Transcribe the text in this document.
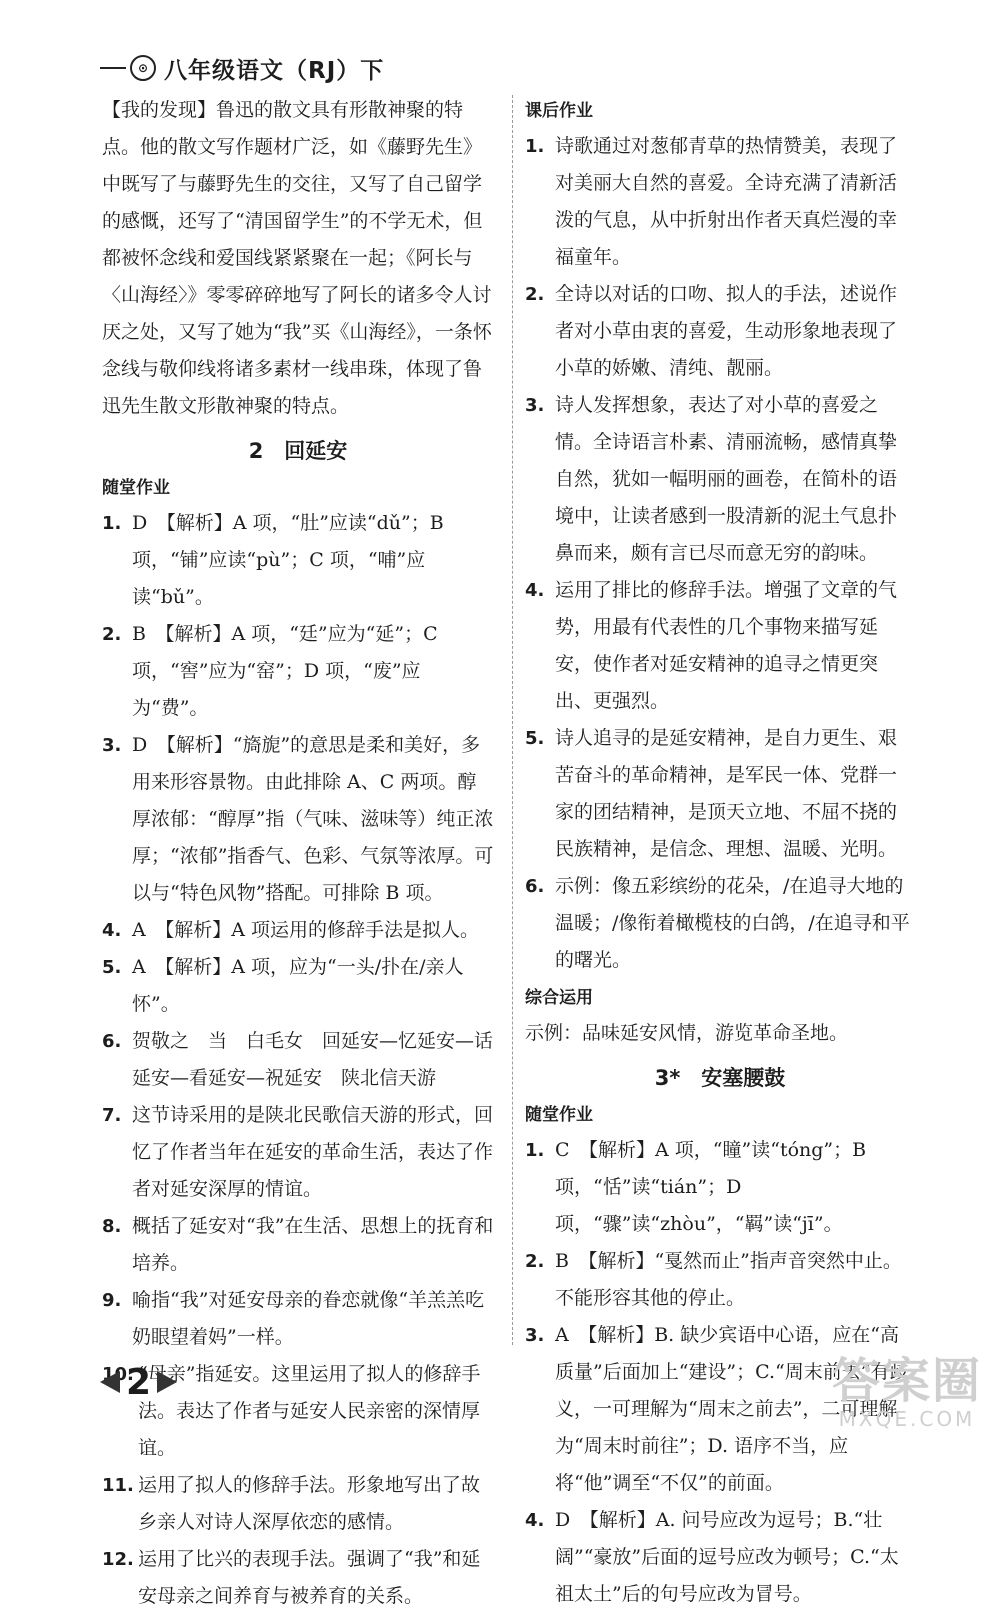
⊙ 八年级语文（RJ）下

【我的发现】鲁迅的散文具有形散神聚的特点。他的散文写作题材广泛，如《藤野先生》中既写了与藤野先生的交往，又写了自己留学的感慨，还写了“清国留学生”的不学无术，但都被怀念线和爱国线紧紧聚在一起；《阿长与〈山海经〉》零零碎碎地写了阿长的诸多令人讨厌之处，又写了她为“我”买《山海经》，一条怀念线与敬仰线将诸多素材一线串珠，体现了鲁迅先生散文形散神聚的特点。

2　回延安
随堂作业
1. D　【解析】A 项，“肚”应读“dǔ”；B 项，“铺”应读“pù”；C 项，“哺”应读“bǔ”。
2. B　【解析】A 项，“廷”应为“延”；C 项，“窖”应为“窑”；D 项，“废”应为“费”。
3. D　【解析】“旖旎”的意思是柔和美好，多用来形容景物。由此排除 A、C 两项。醇厚浓郁：“醇厚”指（气味、滋味等）纯正浓厚；“浓郁”指香气、色彩、气氛等浓厚。可以与“特色风物”搭配。可排除 B 项。
4. A　【解析】A 项运用的修辞手法是拟人。
5. A　【解析】A 项，应为“一头/扑在/亲人怀”。
6. 贺敬之　当　白毛女　回延安—忆延安—话延安—看延安—祝延安　陕北信天游
7. 这节诗采用的是陕北民歌信天游的形式，回忆了作者当年在延安的革命生活，表达了作者对延安深厚的情谊。
8. 概括了延安对“我”在生活、思想上的抚育和培养。
9. 喻指“我”对延安母亲的眷恋就像“羊羔羔吃奶眼望着妈”一样。
10. “母亲”指延安。这里运用了拟人的修辞手法。表达了作者与延安人民亲密的深情厚谊。
11. 运用了拟人的修辞手法。形象地写出了故乡亲人对诗人深厚依恋的感情。
12. 运用了比兴的表现手法。强调了“我”和延安母亲之间养育与被养育的关系。
课后作业
1. 诗歌通过对葱郁青草的热情赞美，表现了对美丽大自然的喜爱。全诗充满了清新活泼的气息，从中折射出作者天真烂漫的幸福童年。
2. 全诗以对话的口吻、拟人的手法，述说作者对小草由衷的喜爱，生动形象地表现了小草的娇嫩、清纯、靓丽。
3. 诗人发挥想象，表达了对小草的喜爱之情。全诗语言朴素、清丽流畅，感情真挚自然，犹如一幅明丽的画卷，在简朴的语境中，让读者感到一股清新的泥土气息扑鼻而来，颇有言已尽而意无穷的韵味。
4. 运用了排比的修辞手法。增强了文章的气势，用最有代表性的几个事物来描写延安，使作者对延安精神的追寻之情更突出、更强烈。
5. 诗人追寻的是延安精神，是自力更生、艰苦奋斗的革命精神，是军民一体、党群一家的团结精神，是顶天立地、不屈不挠的民族精神，是信念、理想、温暖、光明。
6. 示例：像五彩缤纷的花朵，/在追寻大地的温暖；/像衔着橄榄枝的白鸽，/在追寻和平的曙光。
综合运用

示例：品味延安风情，游览革命圣地。

3*　安塞腰鼓
随堂作业
1. C　【解析】A 项，“瞳”读“tóng”；B 项，“恬”读“tián”；D 项，“骤”读“zhòu”，“羁”读“jī”。
2. B　【解析】“戛然而止”指声音突然中止。不能形容其他的停止。
3. A　【解析】B. 缺少宾语中心语，应在“高质量”后面加上“建设”；C.“周末前去”有歧义，一可理解为“周末之前去”，二可理解为“周末时前往”；D. 语序不当，应将“他”调至“不仅”的前面。
4. D　【解析】A. 问号应改为逗号；B.“壮阔”“豪放”后面的逗号应改为顿号；C.“太祖太土”后的句号应改为冒号。
2	答案圈
MXQE.COM
